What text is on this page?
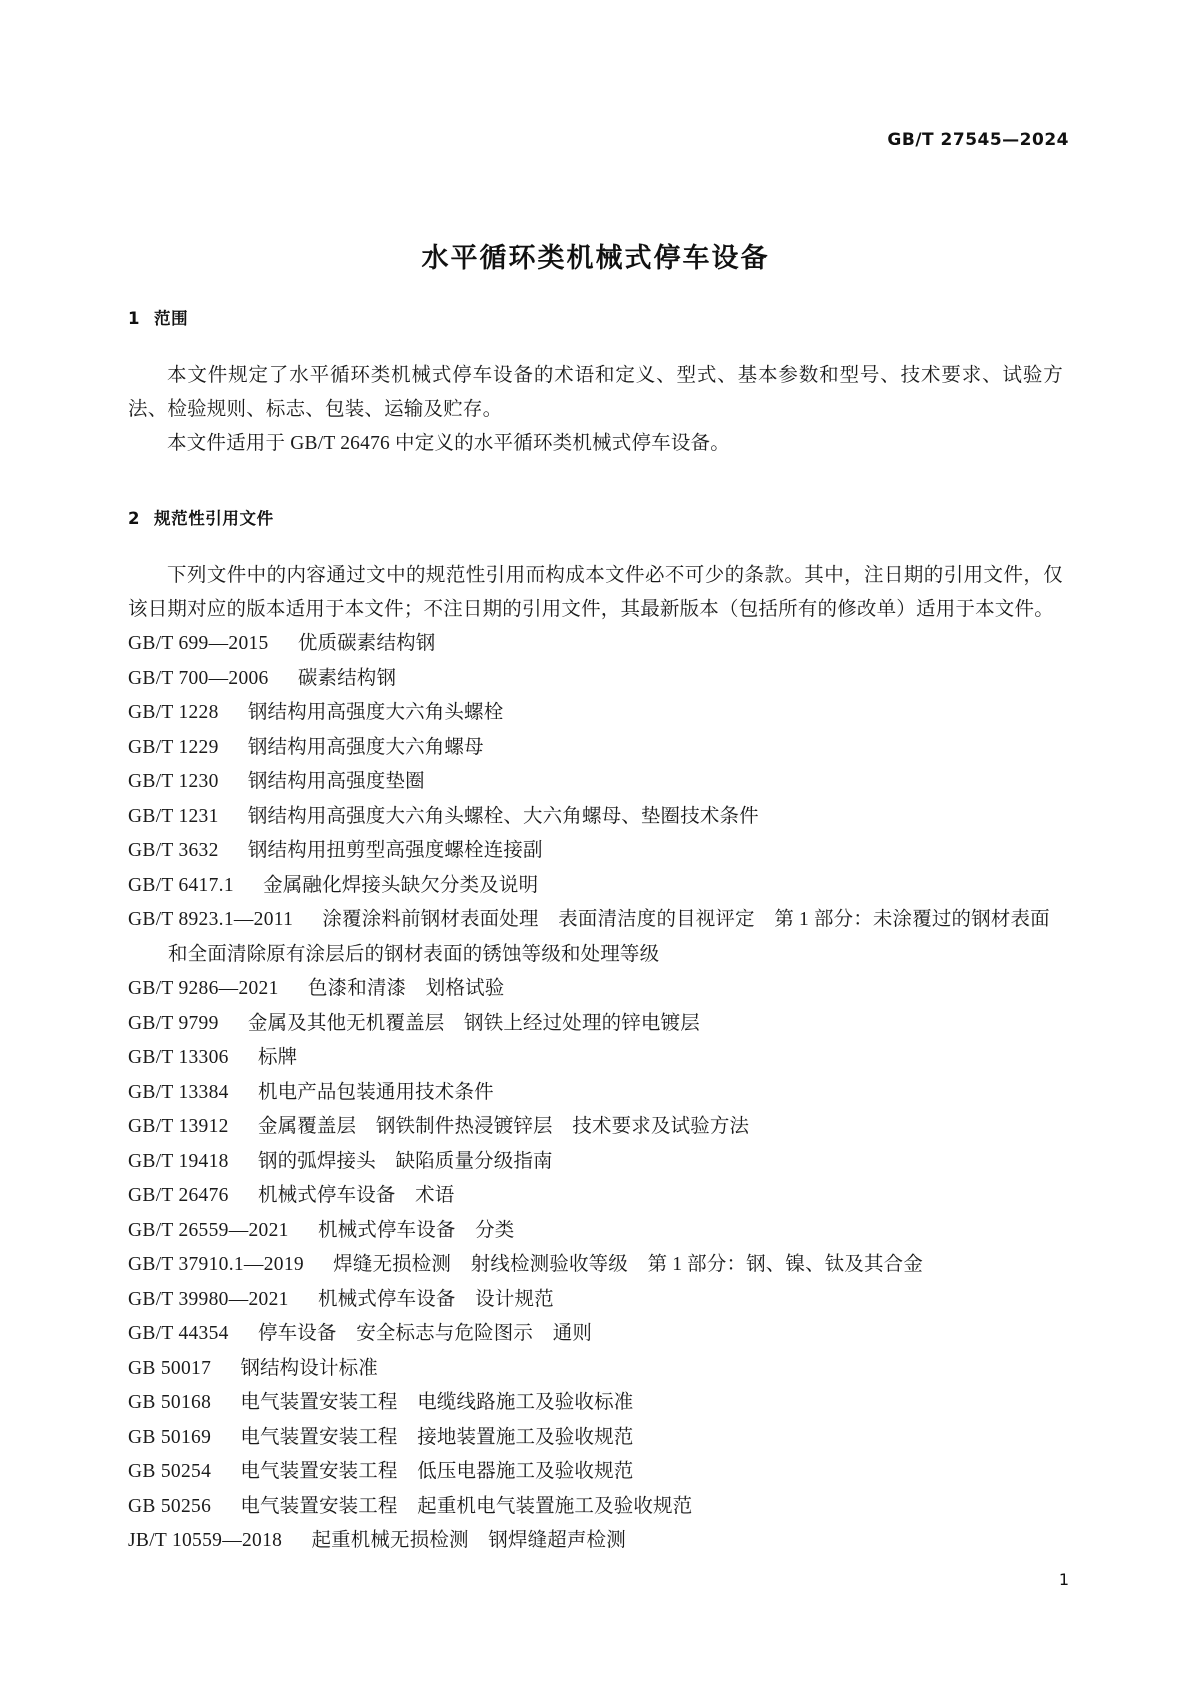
GB/T 27545—2024
水平循环类机械式停车设备
1 范围

本文件规定了水平循环类机械式停车设备的术语和定义、型式、基本参数和型号、技术要求、试验方法、检验规则、标志、包装、运输及贮存。

本文件适用于 GB/T 26476 中定义的水平循环类机械式停车设备。

2 规范性引用文件

下列文件中的内容通过文中的规范性引用而构成本文件必不可少的条款。其中，注日期的引用文件，仅该日期对应的版本适用于本文件；不注日期的引用文件，其最新版本（包括所有的修改单）适用于本文件。

GB/T 699—2015 优质碳素结构钢
GB/T 700—2006 碳素结构钢
GB/T 1228 钢结构用高强度大六角头螺栓
GB/T 1229 钢结构用高强度大六角螺母
GB/T 1230 钢结构用高强度垫圈
GB/T 1231 钢结构用高强度大六角头螺栓、大六角螺母、垫圈技术条件
GB/T 3632 钢结构用扭剪型高强度螺栓连接副
GB/T 6417.1 金属融化焊接头缺欠分类及说明
GB/T 8923.1—2011 涂覆涂料前钢材表面处理　表面清洁度的目视评定　第 1 部分：未涂覆过的钢材表面和全面清除原有涂层后的钢材表面的锈蚀等级和处理等级
GB/T 9286—2021 色漆和清漆　划格试验
GB/T 9799 金属及其他无机覆盖层　钢铁上经过处理的锌电镀层
GB/T 13306 标牌
GB/T 13384 机电产品包装通用技术条件
GB/T 13912 金属覆盖层　钢铁制件热浸镀锌层　技术要求及试验方法
GB/T 19418 钢的弧焊接头　缺陷质量分级指南
GB/T 26476 机械式停车设备　术语
GB/T 26559—2021 机械式停车设备　分类
GB/T 37910.1—2019 焊缝无损检测　射线检测验收等级　第 1 部分：钢、镍、钛及其合金
GB/T 39980—2021 机械式停车设备　设计规范
GB/T 44354 停车设备　安全标志与危险图示　通则
GB 50017 钢结构设计标准
GB 50168 电气装置安装工程　电缆线路施工及验收标准
GB 50169 电气装置安装工程　接地装置施工及验收规范
GB 50254 电气装置安装工程　低压电器施工及验收规范
GB 50256 电气装置安装工程　起重机电气装置施工及验收规范
JB/T 10559—2018 起重机械无损检测　钢焊缝超声检测
1
